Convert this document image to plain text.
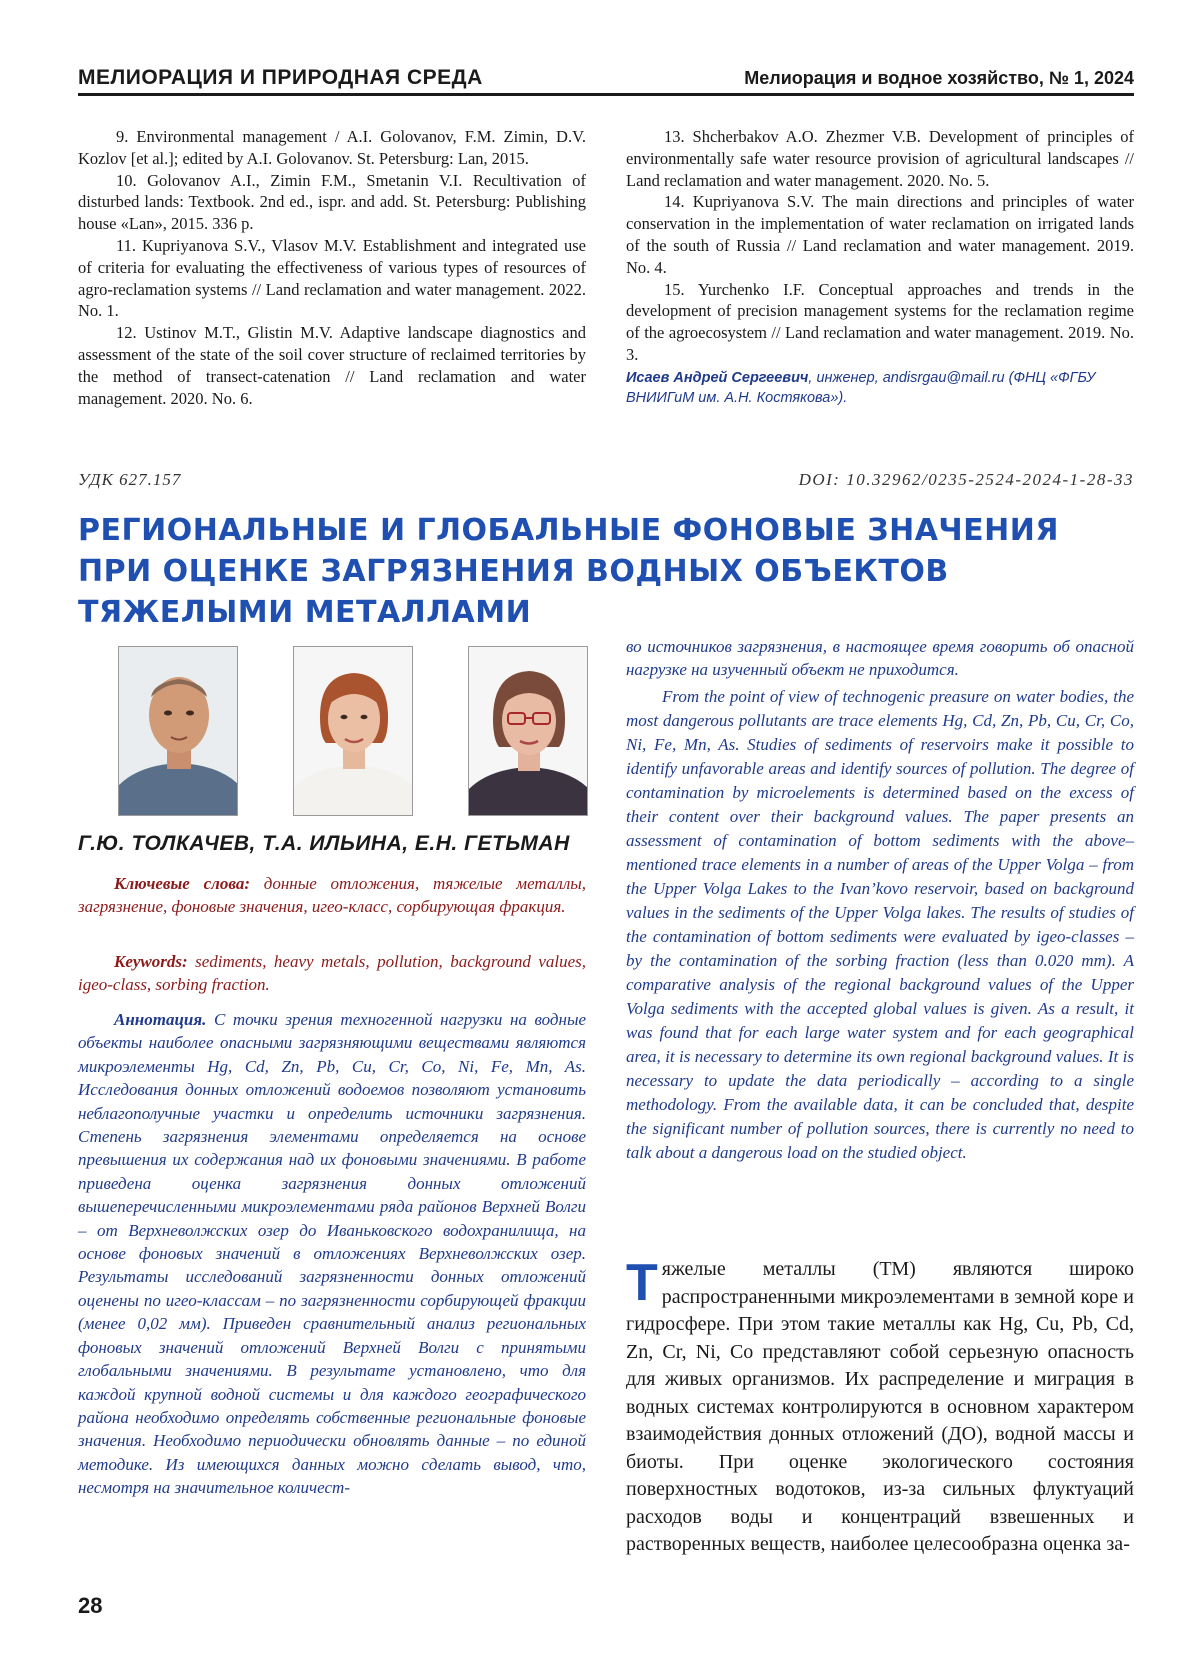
МЕЛИОРАЦИЯ И ПРИРОДНАЯ СРЕДА	Мелиорация и водное хозяйство, № 1, 2024

9. Environmental management / A.I. Golovanov, F.M. Zimin, D.V. Kozlov [et al.]; edited by A.I. Golovanov. St. Petersburg: Lan, 2015.

10. Golovanov A.I., Zimin F.M., Smetanin V.I. Recultivation of disturbed lands: Textbook. 2nd ed., ispr. and add. St. Petersburg: Publishing house «Lan», 2015. 336 p.

11. Kupriyanova S.V., Vlasov M.V. Establishment and integrated use of criteria for evaluating the effectiveness of various types of resources of agro-reclamation systems // Land reclamation and water management. 2022. No. 1.

12. Ustinov M.T., Glistin M.V. Adaptive landscape diagnostics and assessment of the state of the soil cover structure of reclaimed territories by the method of transect-catenation // Land reclamation and water management. 2020. No. 6.

13. Shcherbakov A.O. Zhezmer V.B. Development of principles of environmentally safe water resource provision of agricultural landscapes // Land reclamation and water management. 2020. No. 5.

14. Kupriyanova S.V. The main directions and principles of water conservation in the implementation of water reclamation on irrigated lands of the south of Russia // Land reclamation and water management. 2019. No. 4.

15. Yurchenko I.F. Conceptual approaches and trends in the development of precision management systems for the reclamation regime of the agroecosystem // Land reclamation and water management. 2019. No. 3.

Исаев Андрей Сергеевич, инженер, andisrgau@mail.ru (ФНЦ «ФГБУ ВНИИГиМ им. А.Н. Костякова»).

УДК 627.157	DOI: 10.32962/0235-2524-2024-1-28-33
РЕГИОНАЛЬНЫЕ И ГЛОБАЛЬНЫЕ ФОНОВЫЕ ЗНАЧЕНИЯ
ПРИ ОЦЕНКЕ ЗАГРЯЗНЕНИЯ ВОДНЫХ ОБЪЕКТОВ
ТЯЖЕЛЫМИ МЕТАЛЛАМИ
Г.Ю. ТОЛКАЧЕВ, Т.А. ИЛЬИНА, Е.Н. ГЕТЬМАН

Ключевые слова: донные отложения, тяжелые металлы, загрязнение, фоновые значения, игео-класс, сорбирующая фракция.

Keywords: sediments, heavy metals, pollution, background values, igeo-class, sorbing fraction.

Аннотация. С точки зрения техногенной нагрузки на водные объекты наиболее опасными загрязняющими веществами являются микроэлементы Hg, Cd, Zn, Pb, Cu, Cr, Co, Ni, Fe, Mn, As. Исследования донных отложений водоемов позволяют установить неблагополучные участки и определить источники загрязнения. Степень загрязнения элементами определяется на основе превышения их содержания над их фоновыми значениями. В работе приведена оценка загрязнения донных отложений вышеперечисленными микроэлементами ряда районов Верхней Волги – от Верхневолжских озер до Иваньковского водохранилища, на основе фоновых значений в отложениях Верхневолжских озер. Результаты исследований загрязненности донных отложений оценены по игео-классам – по загрязненности сорбирующей фракции (менее 0,02 мм). Приведен сравнительный анализ региональных фоновых значений отложений Верхней Волги с принятыми глобальными значениями. В результате установлено, что для каждой крупной водной системы и для каждого географического района необходимо определять собственные региональные фоновые значения. Необходимо периодически обновлять данные – по единой методике. Из имеющихся данных можно сделать вывод, что, несмотря на значительное количест-

во источников загрязнения, в настоящее время говорить об опасной нагрузке на изученный объект не приходится.

From the point of view of technogenic preasure on water bodies, the most dangerous pollutants are trace elements Hg, Cd, Zn, Pb, Cu, Cr, Co, Ni, Fe, Mn, As. Studies of sediments of reservoirs make it possible to identify unfavorable areas and identify sources of pollution. The degree of contamination by microelements is determined based on the excess of their content over their background values. The paper presents an assessment of contamination of bottom sediments with the above–mentioned trace elements in a number of areas of the Upper Volga – from the Upper Volga Lakes to the Ivan’kovo reservoir, based on background values in the sediments of the Upper Volga lakes. The results of studies of the contamination of bottom sediments were evaluated by igeo-classes – by the contamination of the sorbing fraction (less than 0.020 mm). A comparative analysis of the regional background values of the Upper Volga sediments with the accepted global values is given. As a result, it was found that for each large water system and for each geographical area, it is necessary to determine its own regional background values. It is necessary to update the data periodically – according to a single methodology. From the available data, it can be concluded that, despite the significant number of pollution sources, there is currently no need to talk about a dangerous load on the studied object.

Тяжелые металлы (ТМ) являются широко распространенными микроэлементами в земной коре и гидросфере. При этом такие металлы как Hg, Cu, Pb, Cd, Zn, Cr, Ni, Co представляют собой серьезную опасность для живых организмов. Их распределение и миграция в водных системах контролируются в основном характером взаимодействия донных отложений (ДО), водной массы и биоты. При оценке экологического состояния поверхностных водотоков, из-за сильных флуктуаций расходов воды и концентраций взвешенных и растворенных веществ, наиболее целесообразна оценка за-
28
